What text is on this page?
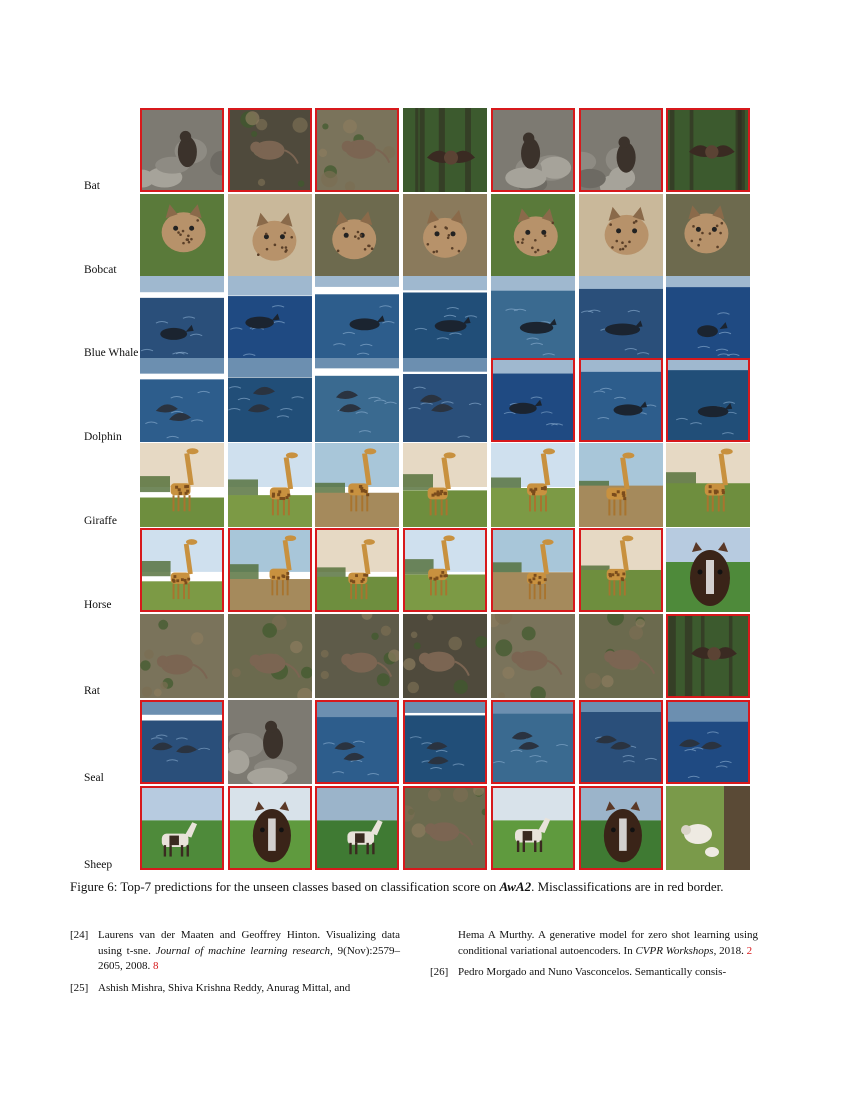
Bat
Bobcat
Blue Whale
Dolphin
Giraffe
Horse
Rat
Seal
Sheep
Figure 6: Top-7 predictions for the unseen classes based on classification score on AwA2. Misclassifications are in red border.
[24] Laurens van der Maaten and Geoffrey Hinton. Visualizing data using t-sne. Journal of machine learning research, 9(Nov):2579–2605, 2008. 8
[25] Ashish Mishra, Shiva Krishna Reddy, Anurag Mittal, and
Hema A Murthy. A generative model for zero shot learning using conditional variational autoencoders. In CVPR Workshops, 2018. 2
[26] Pedro Morgado and Nuno Vasconcelos. Semantically consis-
